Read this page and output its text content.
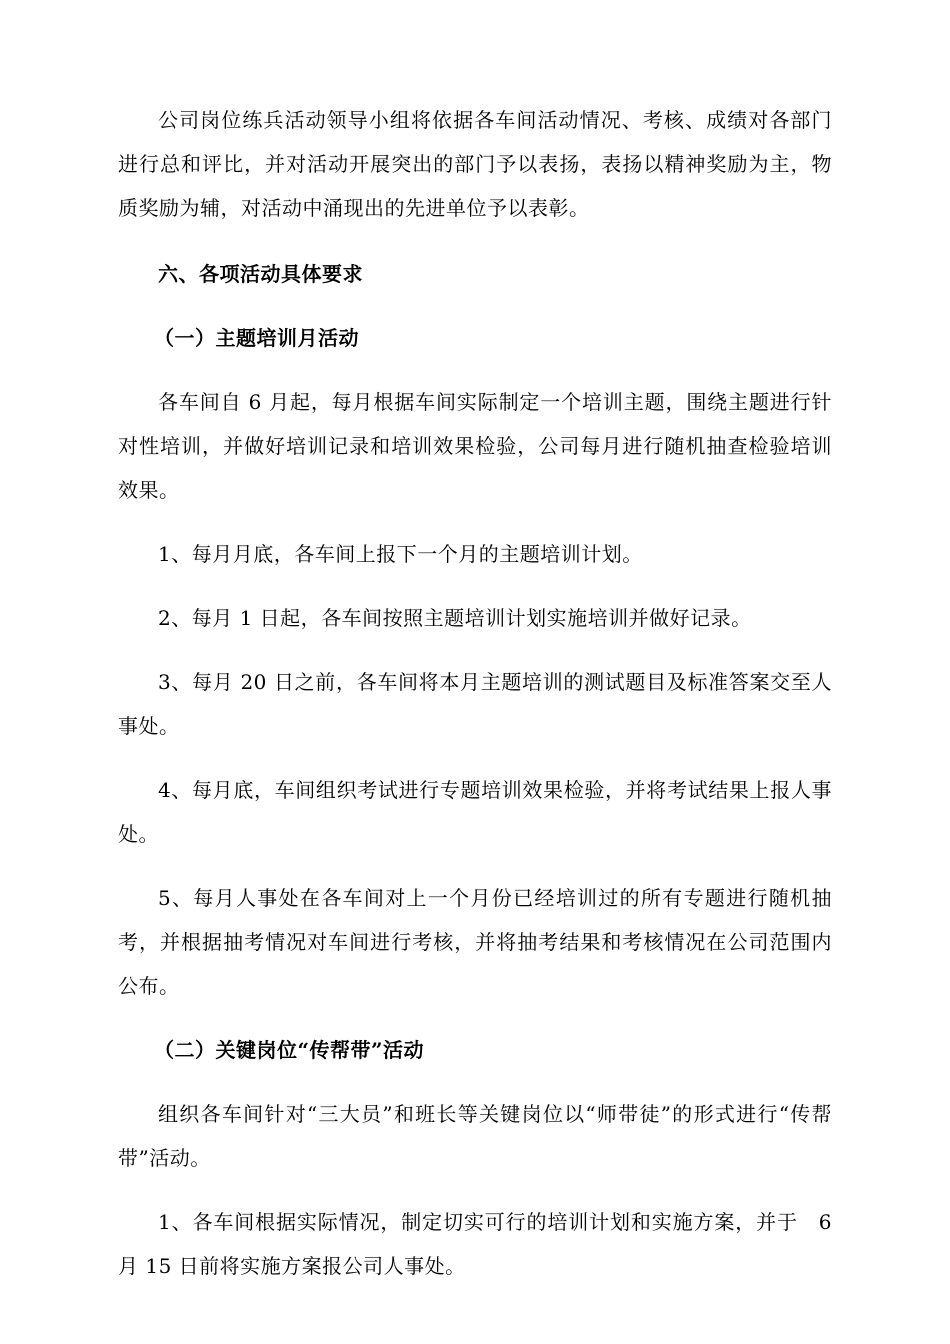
公司岗位练兵活动领导小组将依据各车间活动情况、考核、成绩对各部门进行总和评比，并对活动开展突出的部门予以表扬，表扬以精神奖励为主，物质奖励为辅，对活动中涌现出的先进单位予以表彰。

六、各项活动具体要求

（一）主题培训月活动

各车间自 6 月起，每月根据车间实际制定一个培训主题，围绕主题进行针对性培训，并做好培训记录和培训效果检验，公司每月进行随机抽查检验培训效果。

1、每月月底，各车间上报下一个月的主题培训计划。

2、每月 1 日起，各车间按照主题培训计划实施培训并做好记录。

3、每月 20 日之前，各车间将本月主题培训的测试题目及标准答案交至人事处。

4、每月底，车间组织考试进行专题培训效果检验，并将考试结果上报人事处。

5、每月人事处在各车间对上一个月份已经培训过的所有专题进行随机抽考，并根据抽考情况对车间进行考核，并将抽考结果和考核情况在公司范围内公布。

（二）关键岗位“传帮带”活动

组织各车间针对“三大员”和班长等关键岗位以“师带徒”的形式进行“传帮带”活动。

1、各车间根据实际情况，制定切实可行的培训计划和实施方案，并于　6 月 15 日前将实施方案报公司人事处。
